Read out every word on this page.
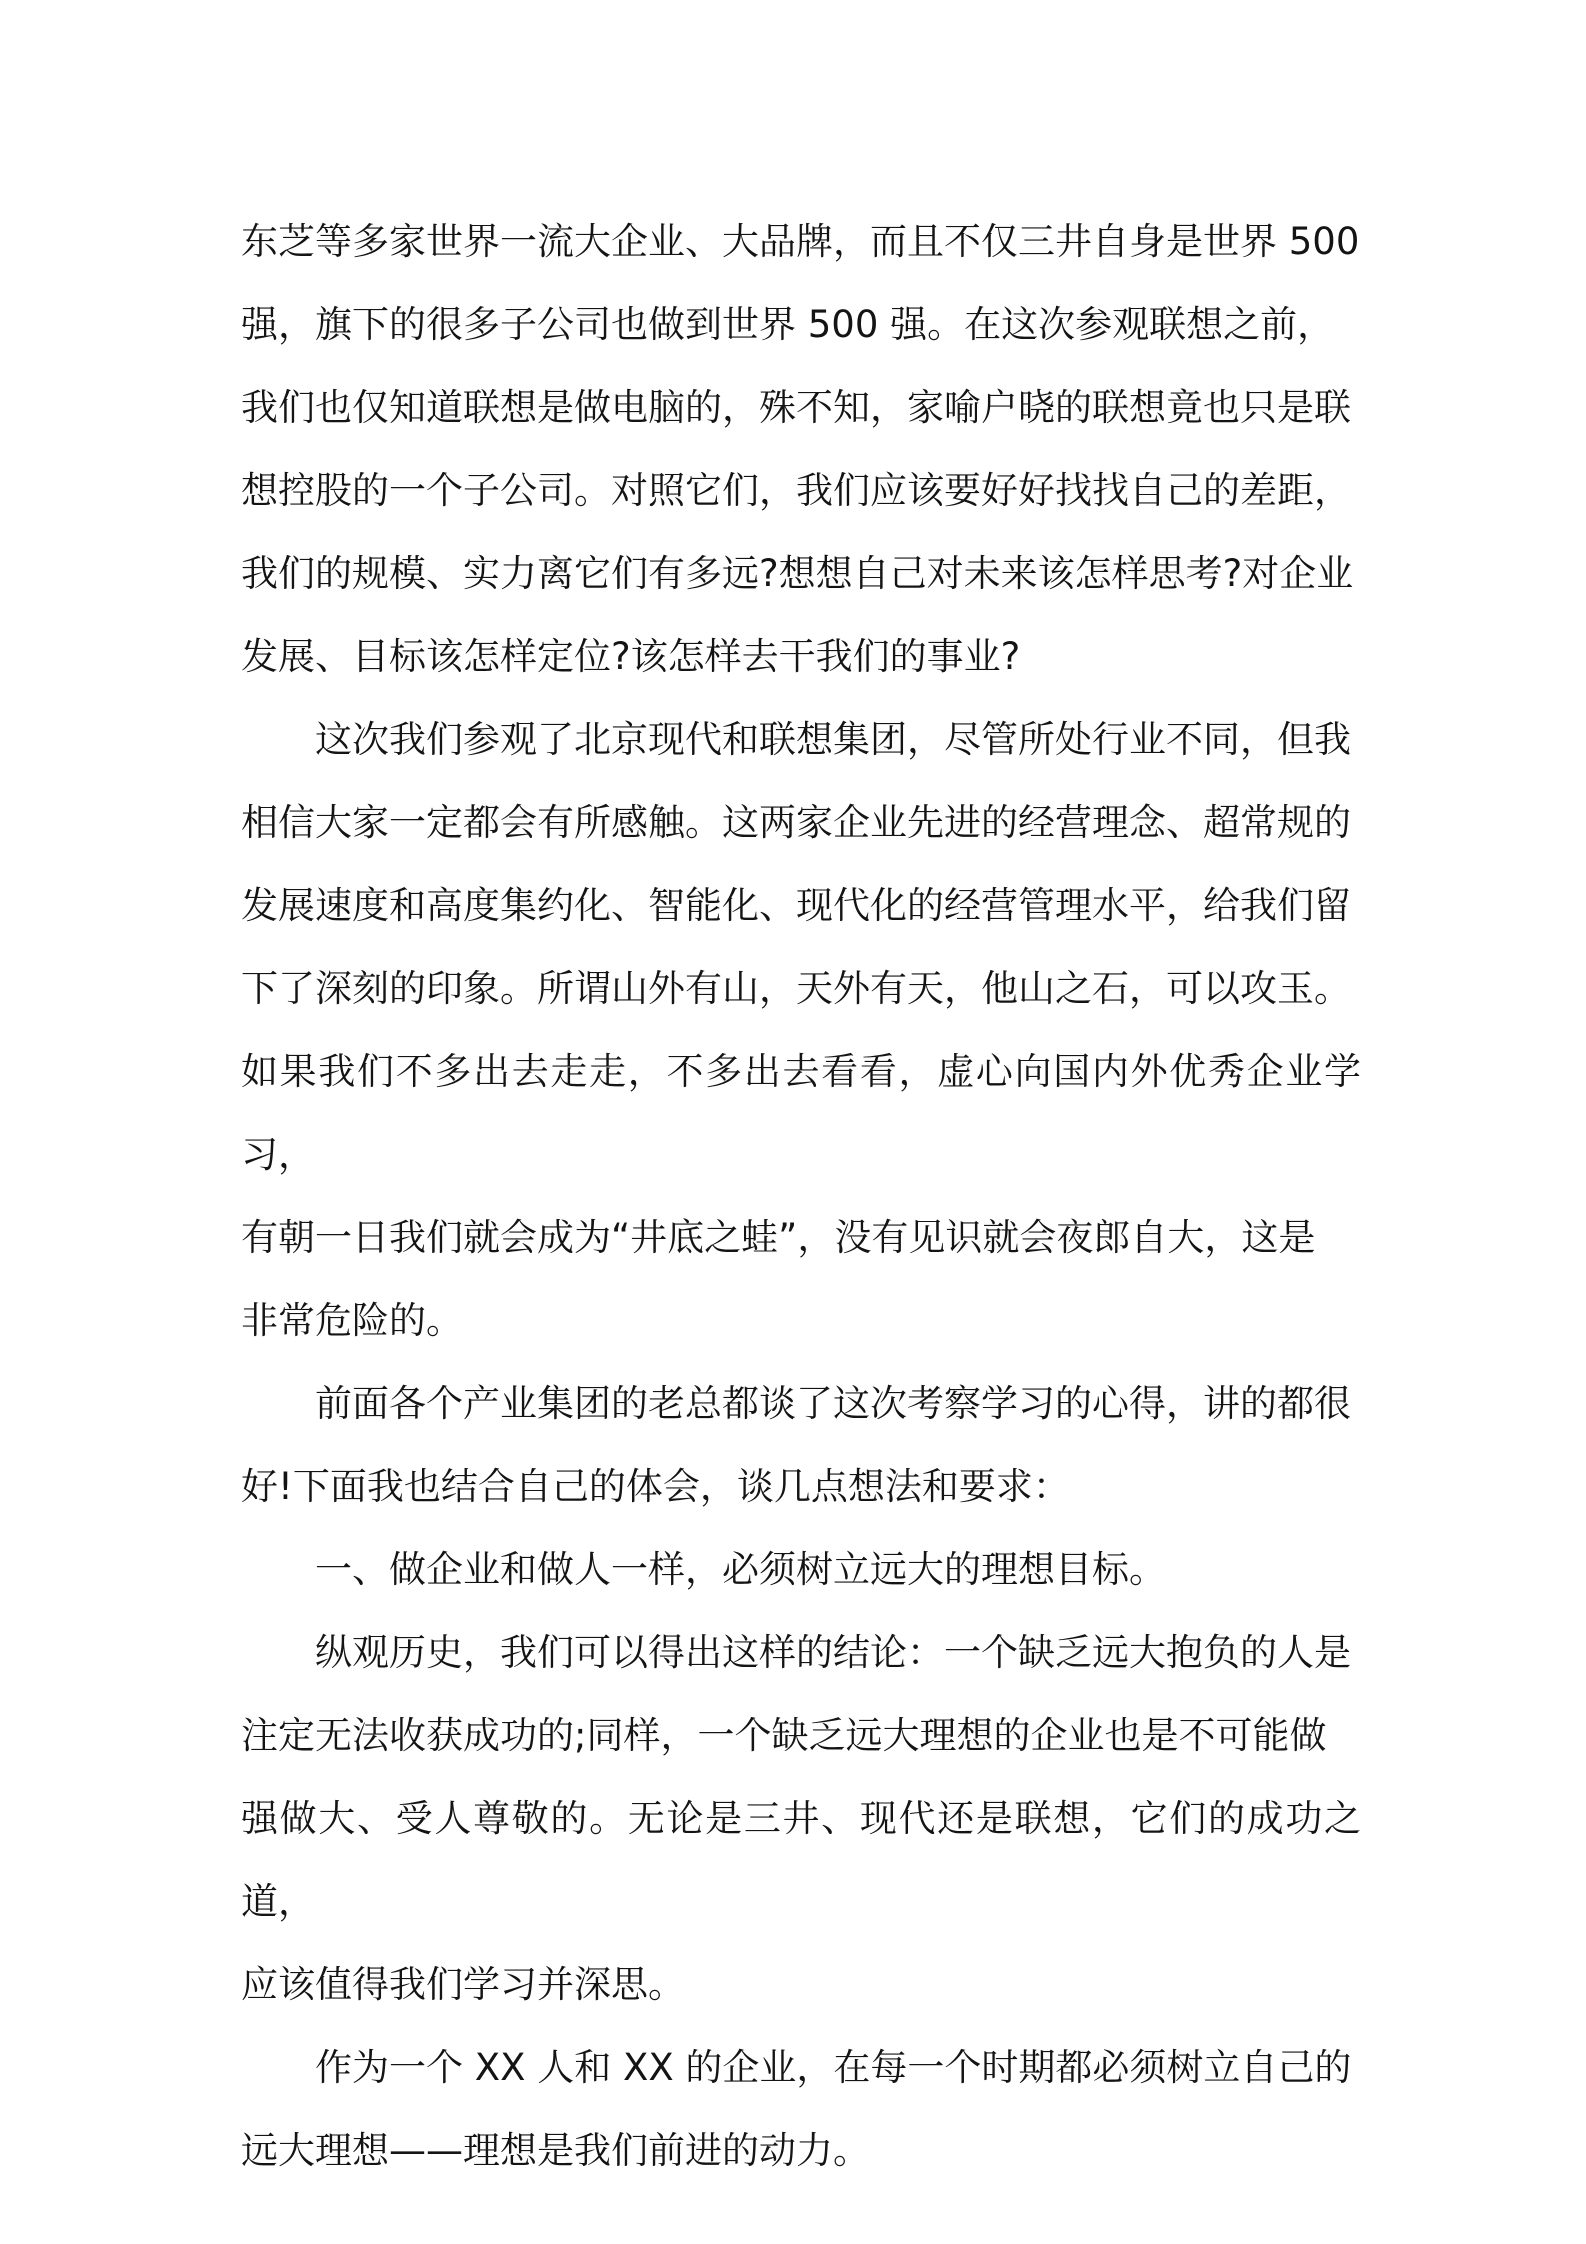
东芝等多家世界一流大企业、大品牌，而且不仅三井自身是世界 500
强，旗下的很多子公司也做到世界 500 强。在这次参观联想之前，
我们也仅知道联想是做电脑的，殊不知，家喻户晓的联想竟也只是联
想控股的一个子公司。对照它们，我们应该要好好找找自己的差距，
我们的规模、实力离它们有多远?想想自己对未来该怎样思考?对企业
发展、目标该怎样定位?该怎样去干我们的事业?

这次我们参观了北京现代和联想集团，尽管所处行业不同，但我
相信大家一定都会有所感触。这两家企业先进的经营理念、超常规的
发展速度和高度集约化、智能化、现代化的经营管理水平，给我们留
下了深刻的印象。所谓山外有山，天外有天，他山之石，可以攻玉。
如果我们不多出去走走，不多出去看看，虚心向国内外优秀企业学习，
有朝一日我们就会成为“井底之蛙”，没有见识就会夜郎自大，这是
非常危险的。

前面各个产业集团的老总都谈了这次考察学习的心得，讲的都很
好!下面我也结合自己的体会，谈几点想法和要求：

一、做企业和做人一样，必须树立远大的理想目标。

纵观历史，我们可以得出这样的结论：一个缺乏远大抱负的人是
注定无法收获成功的;同样，一个缺乏远大理想的企业也是不可能做
强做大、受人尊敬的。无论是三井、现代还是联想，它们的成功之道，
应该值得我们学习并深思。

作为一个 XX 人和 XX 的企业，在每一个时期都必须树立自己的
远大理想——理想是我们前进的动力。
